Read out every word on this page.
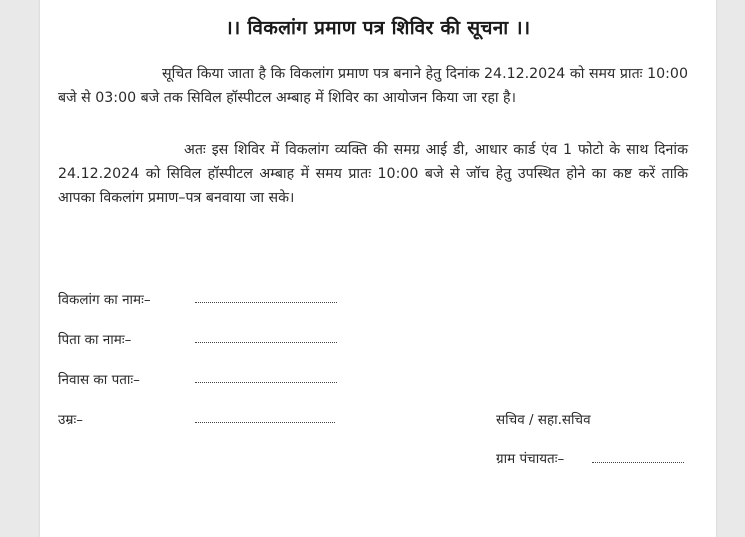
।। विकलांग प्रमाण पत्र शिविर की सूचना ।।
सूचित किया जाता है कि विकलांग प्रमाण पत्र बनाने हेतु दिनांक 24.12.2024 को समय प्रातः 10:00 बजे से 03:00 बजे तक सिविल हॉस्पीटल अम्बाह में शिविर का आयोजन किया जा रहा है।
अतः इस शिविर में विकलांग व्यक्ति की समग्र आई डी, आधार कार्ड एंव 1 फोटो के साथ दिनांक 24.12.2024 को सिविल हॉस्पीटल अम्बाह में समय प्रातः 10:00 बजे से जॉच हेतु उपस्थित होने का कष्ट करें ताकि आपका विकलांग प्रमाण–पत्र बनवाया जा सके।
विकलांग का नामः–
पिता का नामः–
निवास का पताः–
उम्रः–	सचिव / सहा.सचिव
ग्राम पंचायतः–
